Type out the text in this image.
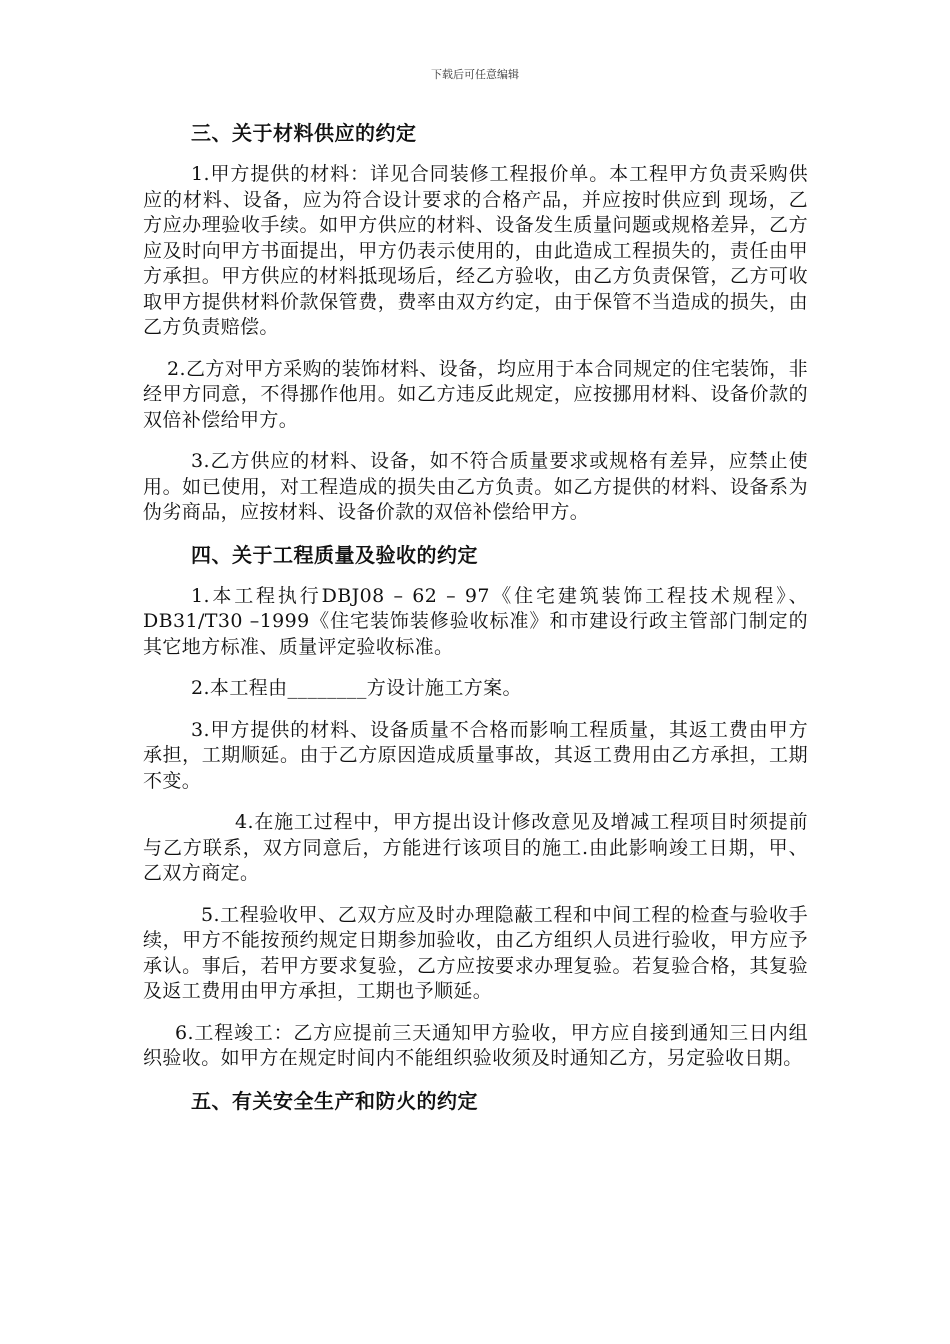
下载后可任意编辑
三、关于材料供应的约定

1.甲方提供的材料：详见合同装修工程报价单。本工程甲方负责采购供应的材料、设备，应为符合设计要求的合格产品，并应按时供应到 现场，乙方应办理验收手续。如甲方供应的材料、设备发生质量问题或规格差异，乙方应及时向甲方书面提出，甲方仍表示使用的，由此造成工程损失的，责任由甲 方承担。甲方供应的材料抵现场后，经乙方验收，由乙方负责保管，乙方可收取甲方提供材料价款保管费，费率由双方约定，由于保管不当造成的损失，由乙方负责赔偿。

2.乙方对甲方采购的装饰材料、设备，均应用于本合同规定的住宅装饰，非经甲方同意，不得挪作他用。如乙方违反此规定，应按挪用材料、设备价款的双倍补偿给甲方。

3.乙方供应的材料、设备，如不符合质量要求或规格有差异，应禁止使用。如已使用，对工程造成的损失由乙方负责。如乙方提供的材料、设备系为伪劣商品，应按材料、设备价款的双倍补偿给甲方。

四、关于工程质量及验收的约定

1.本工程执行DBJ08 – 62 – 97《住宅建筑装饰工程技术规程》、DB31/T30 –1999《住宅装饰装修验收标准》和市建设行政主管部门制定的其它地方标准、质量评定验收标准。

2.本工程由________方设计施工方案。

3.甲方提供的材料、设备质量不合格而影响工程质量，其返工费由甲方承担，工期顺延。由于乙方原因造成质量事故，其返工费用由乙方承担，工期不变。

4.在施工过程中，甲方提出设计修改意见及增减工程项目时须提前与乙方联系，双方同意后，方能进行该项目的施工.由此影响竣工日期，甲、乙双方商定。

5.工程验收甲、乙双方应及时办理隐蔽工程和中间工程的检查与验收手续，甲方不能按预约规定日期参加验收，由乙方组织人员进行验收，甲方应予承认。事后，若甲方要求复验，乙方应按要求办理复验。若复验合格，其复验及返工费用由甲方承担，工期也予顺延。

6.工程竣工：乙方应提前三天通知甲方验收，甲方应自接到通知三日内组织验收。如甲方在规定时间内不能组织验收须及时通知乙方，另定验收日期。

五、有关安全生产和防火的约定
